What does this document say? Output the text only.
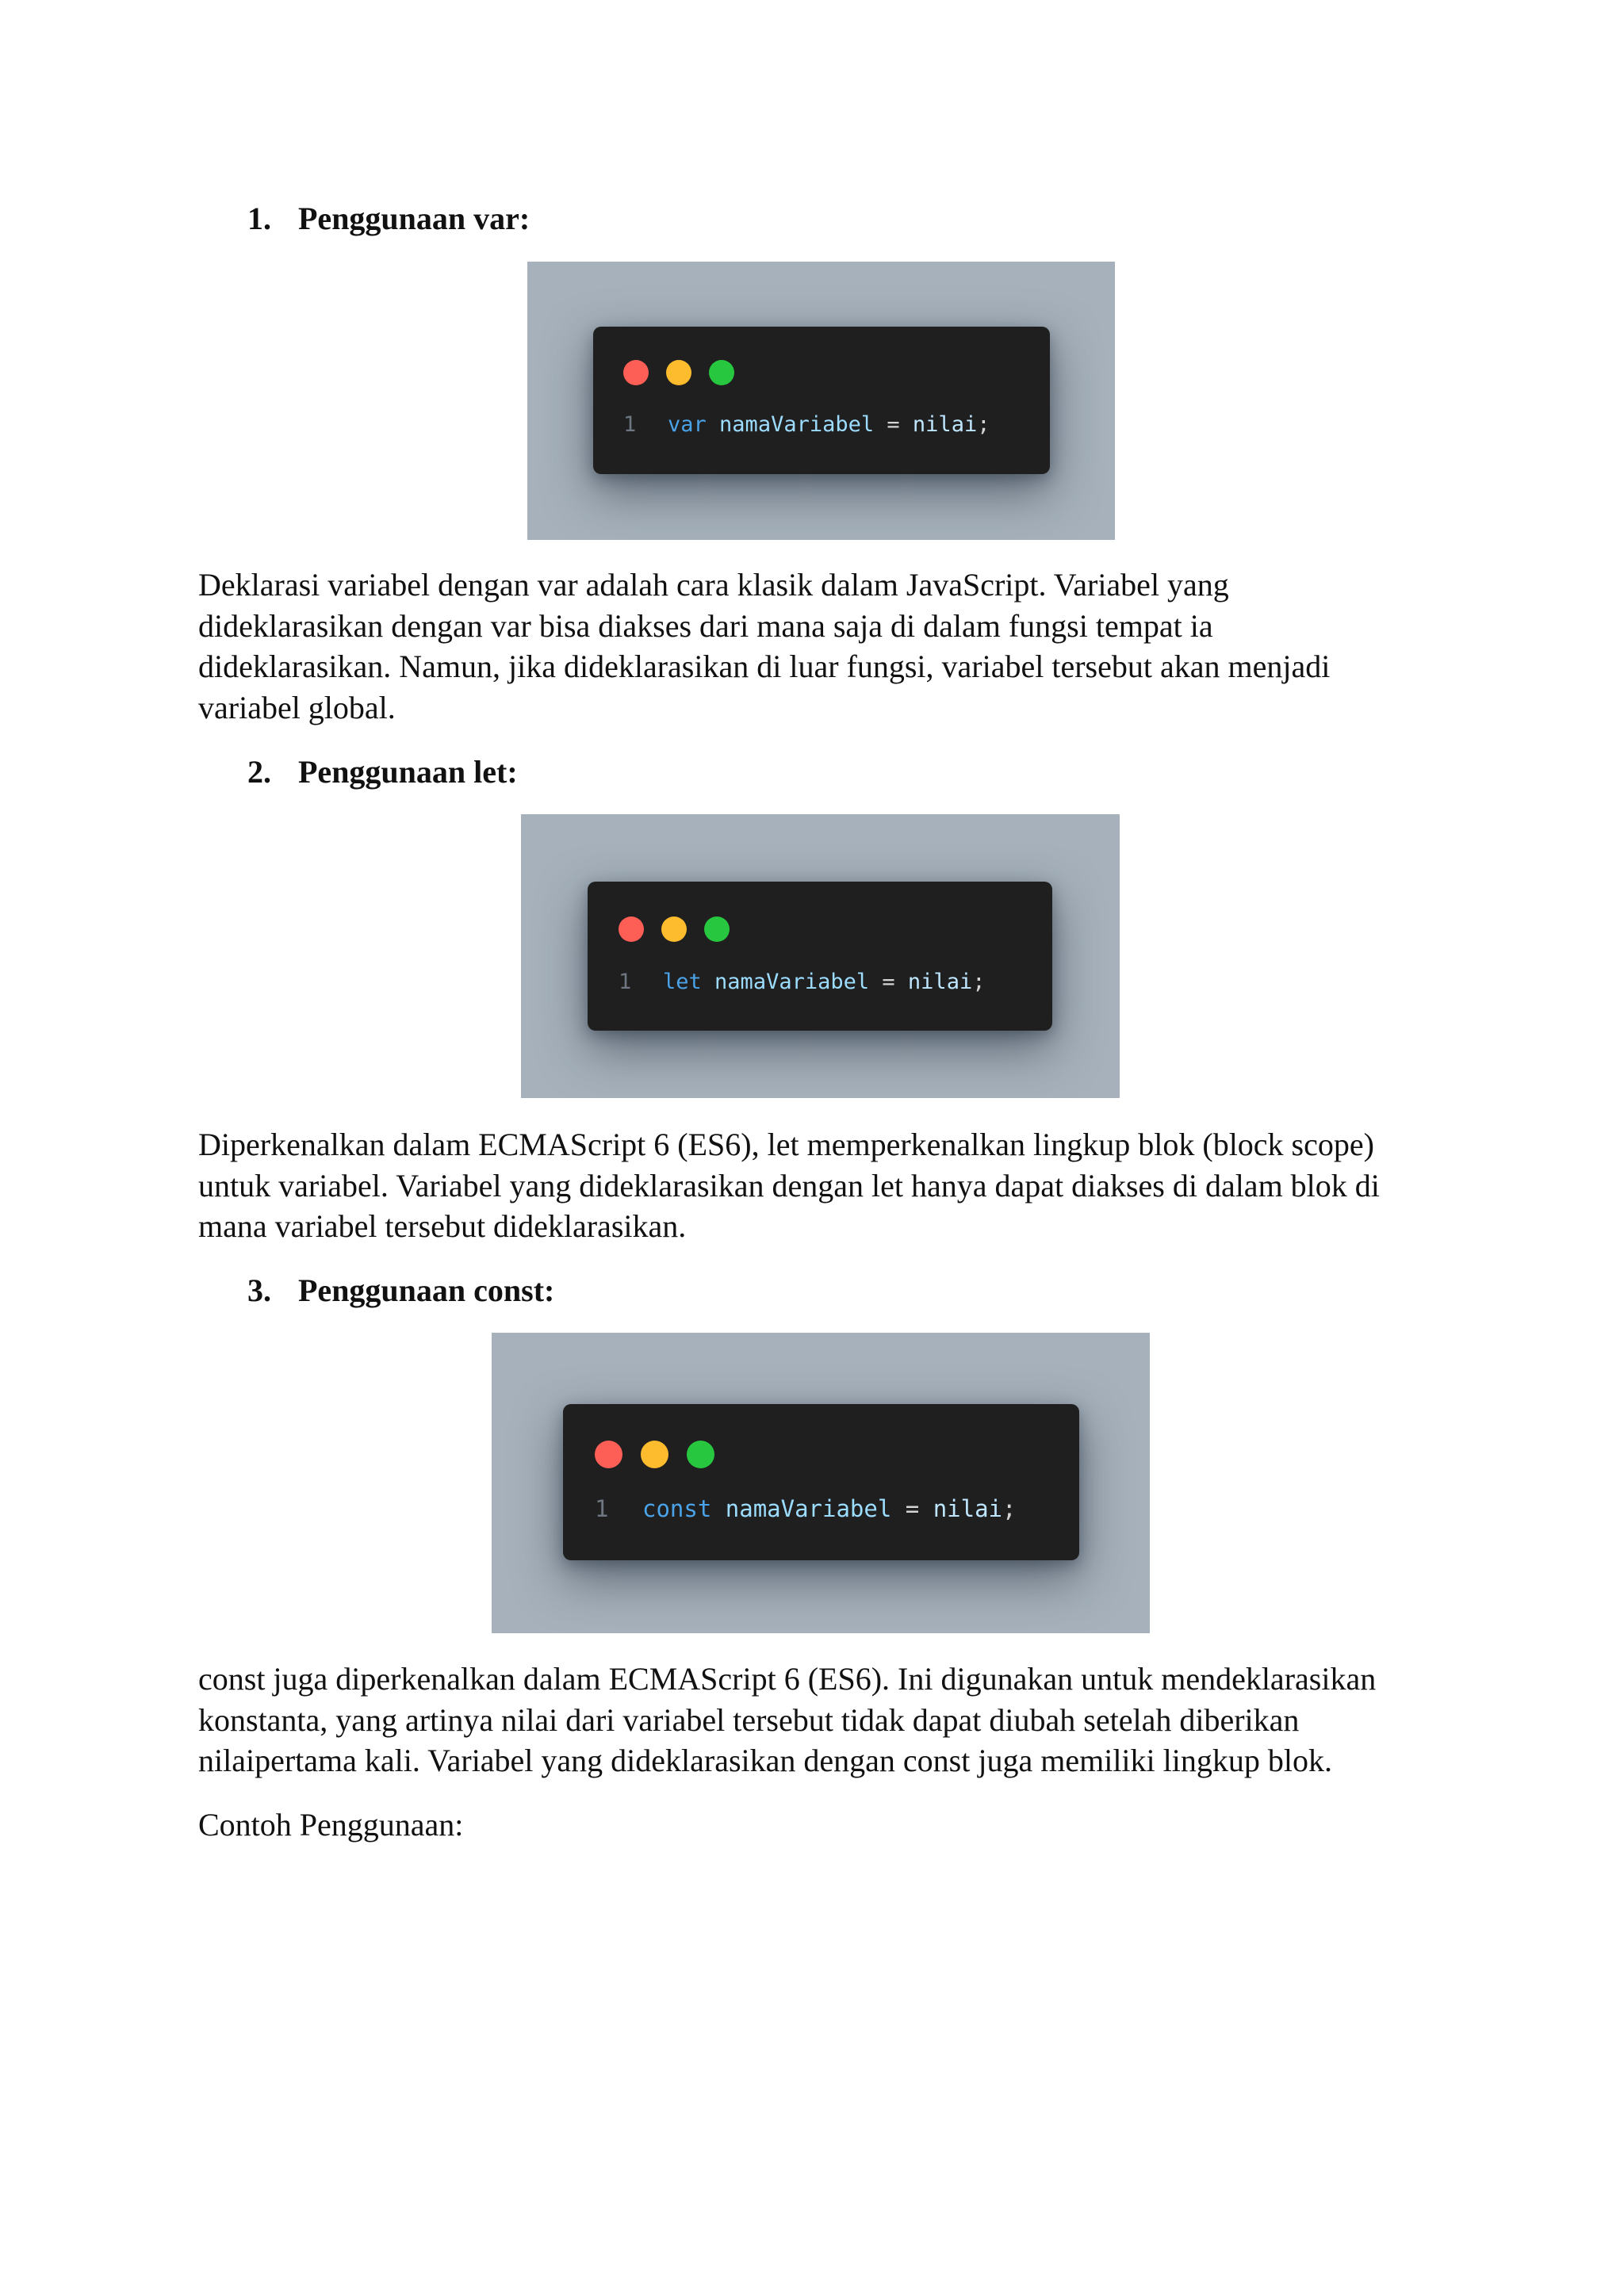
1. Penggunaan var:
1 var namaVariabel = nilai;
Deklarasi variabel dengan var adalah cara klasik dalam JavaScript. Variabel yang
dideklarasikan dengan var bisa diakses dari mana saja di dalam fungsi tempat ia
dideklarasikan. Namun, jika dideklarasikan di luar fungsi, variabel tersebut akan menjadi
variabel global.
2. Penggunaan let:
1 let namaVariabel = nilai;
Diperkenalkan dalam ECMAScript 6 (ES6), let memperkenalkan lingkup blok (block scope)
untuk variabel. Variabel yang dideklarasikan dengan let hanya dapat diakses di dalam blok di
mana variabel tersebut dideklarasikan.
3. Penggunaan const:
1 const namaVariabel = nilai;
const juga diperkenalkan dalam ECMAScript 6 (ES6). Ini digunakan untuk mendeklarasikan
konstanta, yang artinya nilai dari variabel tersebut tidak dapat diubah setelah diberikan
nilaipertama kali. Variabel yang dideklarasikan dengan const juga memiliki lingkup blok.
Contoh Penggunaan:
